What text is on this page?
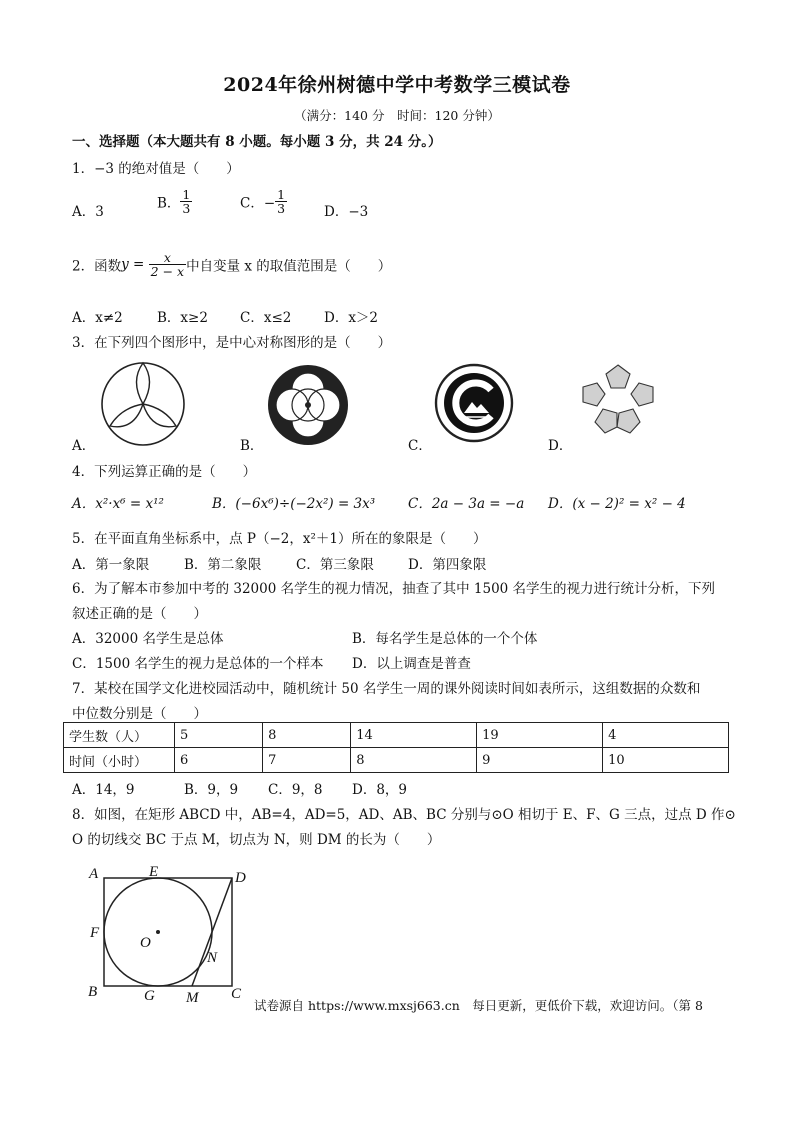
2024年徐州树德中学中考数学三模试卷
（满分：140 分　时间：120 分钟）
一、选择题（本大题共有 8 小题。每小题 3 分，共 24 分。）
1．−3 的绝对值是（　　）
A．3
B． $\frac{1}{3}$	C．− $\frac{1}{3}$	D．−3
2．函数$y = \frac{x}{2 - x}$ 中自变量 x 的取值范围是（　　）
A．x≠2	B．x≥2 C．x≤2 D．x＞2
3．在下列四个图形中，是中心对称图形的是（　　）
A．	B．	C．	D．
4．下列运算正确的是（　　）
A．x²·x⁶ = x¹²	B．(−6x⁶)÷(−2x²) = 3x³ C．2a − 3a = −a D．(x − 2)² = x² − 4
5．在平面直角坐标系中，点 P（−2，x²＋1）所在的象限是（　　）
A．第一象限	B．第二象限	C．第三象限	D．第四象限
6．为了解本市参加中考的 32000 名学生的视力情况，抽查了其中 1500 名学生的视力进行统计分析，下列
叙述正确的是（　　）
A．32000 名学生是总体	B．每名学生是总体的一个个体
C．1500 名学生的视力是总体的一个样本 D．以上调查是普查
7．某校在国学文化进校园活动中，随机统计 50 名学生一周的课外阅读时间如表所示，这组数据的众数和
中位数分别是（　　）
学生数（人）	5	8	14	19	4
时间（小时）	6	7	8	9	10
A．14，9	B．9，9 C．9，8 D．8，9
8．如图，在矩形 ABCD 中，AB=4，AD=5，AD、AB、BC 分别与⊙O 相切于 E、F、G 三点，过点 D 作⊙
O 的切线交 BC 于点 M，切点为 N，则 DM 的长为（　　）
A	E	D
F
O
N
B	G M C
试卷源自 https://www.mxsj663.cn　每日更新，更低价下载，欢迎访问。（第 8
